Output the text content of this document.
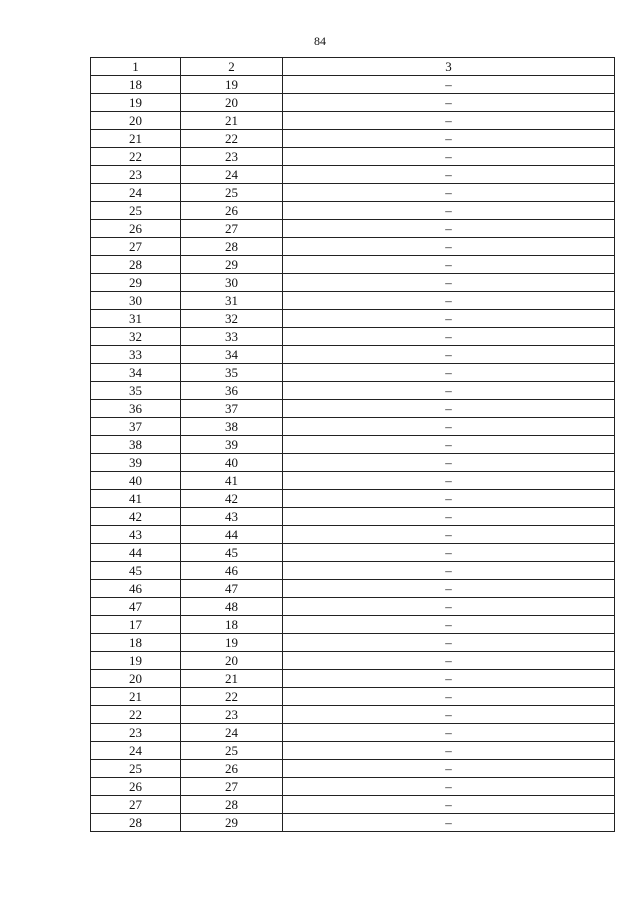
84
1	2	3
18	19	–
19	20	–
20	21	–
21	22	–
22	23	–
23	24	–
24	25	–
25	26	–
26	27	–
27	28	–
28	29	–
29	30	–
30	31	–
31	32	–
32	33	–
33	34	–
34	35	–
35	36	–
36	37	–
37	38	–
38	39	–
39	40	–
40	41	–
41	42	–
42	43	–
43	44	–
44	45	–
45	46	–
46	47	–
47	48	–
17	18	–
18	19	–
19	20	–
20	21	–
21	22	–
22	23	–
23	24	–
24	25	–
25	26	–
26	27	–
27	28	–
28	29	–
